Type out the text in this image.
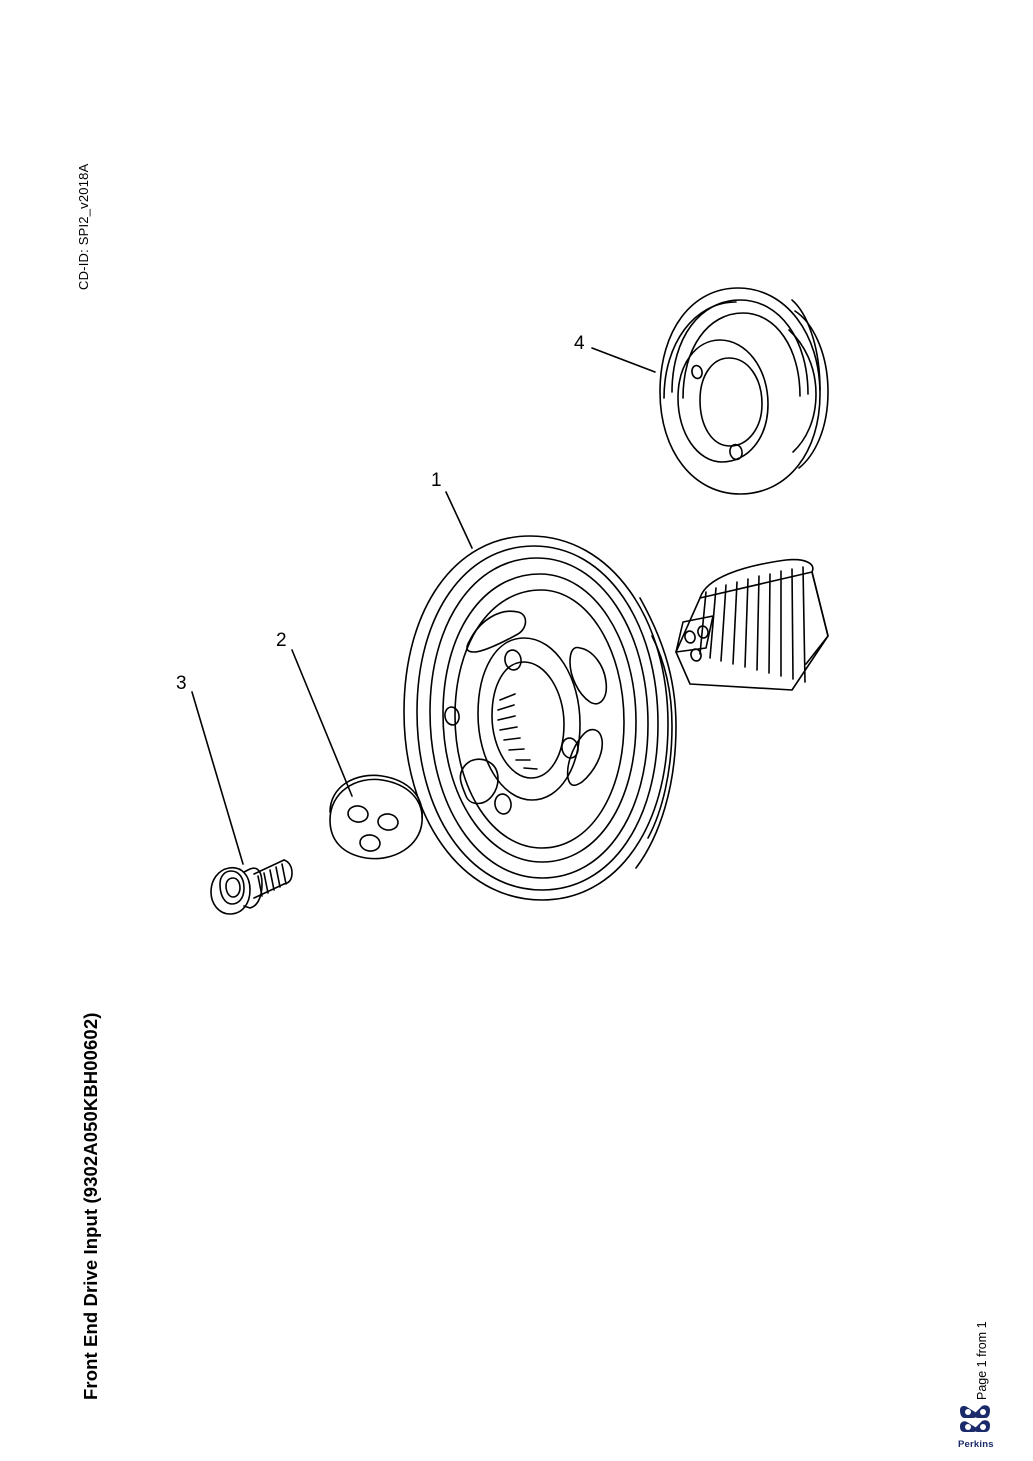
CD-ID: SPI2_v2018A
Front End Drive Input (9302A050KBH00602)	Page 1 from 1
4
1
2
3
Perkins
